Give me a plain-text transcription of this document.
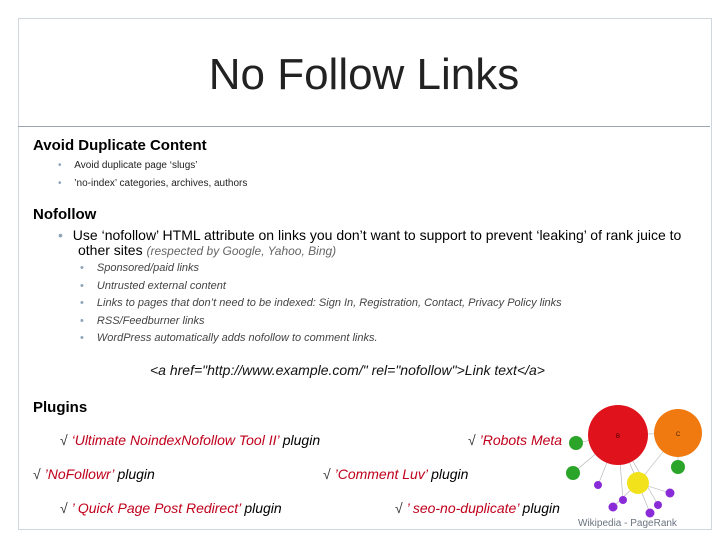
No Follow Links
Avoid Duplicate Content
• Avoid duplicate page ‘slugs’
• ’no-index’ categories, archives, authors
Nofollow
• Use ‘nofollow’ HTML attribute on links you don’t want to support to prevent ‘leaking’ of rank juice to
other sites (respected by Google, Yahoo, Bing)
• Sponsored/paid links
• Untrusted external content
• Links to pages that don’t need to be indexed: Sign In, Registration, Contact, Privacy Policy links
• RSS/Feedburner links
• WordPress automatically adds nofollow to comment links.
<a href="http://www.example.com/" rel="nofollow">Link text</a>
Plugins
√ ‘Ultimate NoindexNofollow Tool II’ plugin	√ ’Robots Meta
√ ’NoFollowr’ plugin	√ ’Comment Luv’ plugin
√ ’ Quick Page Post Redirect’ plugin	√ ’ seo-no-duplicate’ plugin
B	C
Wikipedia - PageRank
